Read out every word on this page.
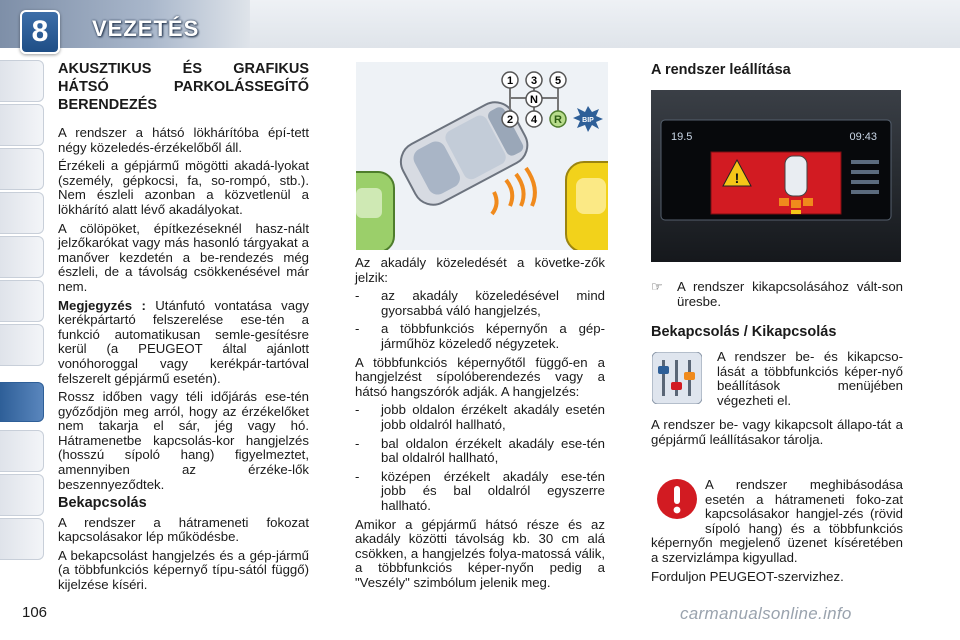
8	VEZETÉS
AKUSZTIKUS ÉS GRAFIKUS HÁTSÓ PARKOLÁSSEGÍTŐ BERENDEZÉS

A rendszer a hátsó lökhárítóba épí-tett négy közeledés-érzékelőből áll.

Érzékeli a gépjármű mögötti akadá-lyokat (személy, gépkocsi, fa, so-rompó, stb.). Nem észleli azonban a közvetlenül a lökhárító alatt lévő akadályokat.

A cölöpöket, építkezéseknél hasz-nált jelzőkarókat vagy más hasonló tárgyakat a manőver kezdetén a be-rendezés még észleli, de a távolság csökkenésével már nem.

Megjegyzés : Utánfutó vontatása vagy kerékpártartó felszerelése ese-tén a funkció automatikusan semle-gesítésre kerül (a PEUGEOT által ajánlott vonóhoroggal vagy kerékpár-tartóval felszerelt gépjármű esetén).

Rossz időben vagy téli időjárás ese-tén győződjön meg arról, hogy az érzékelőket nem takarja el sár, jég vagy hó. Hátramenetbe kapcsolás-kor hangjelzés (hosszú sípoló hang) figyelmeztet, amennyiben az érzéke-lők beszennyeződtek.

Bekapcsolás

A rendszer a hátrameneti fokozat kapcsolásakor lép működésbe.

A bekapcsolást hangjelzés és a gép-jármű (a többfunkciós képernyő típu-sától függő) kijelzése kíséri.

1 3 5
N
2 4 R	BIP

Az akadály közeledését a követke-zők jelzik:

-	az akadály közeledésével mind gyorsabbá váló hangjelzés,
-	a többfunkciós képernyőn a gép-járműhöz közeledő négyzetek.

A többfunkciós képernyőtől függő-en a hangjelzést sípolóberendezés vagy a hátsó hangszórók adják. A hangjelzés:

-	jobb oldalon érzékelt akadály esetén jobb oldalról hallható,
-	bal oldalon érzékelt akadály ese-tén bal oldalról hallható,
-	középen érzékelt akadály ese-tén jobb és bal oldalról egyszerre hallható.

Amikor a gépjármű hátsó része és az akadály közötti távolság kb. 30 cm alá csökken, a hangjelzés folya-matossá válik, a többfunkciós képer-nyőn pedig a "Veszély" szimbólum jelenik meg.

A rendszer leállítása
19.5	09:43
!
☞	A rendszer kikapcsolásához vált-son üresbe.
Bekapcsolás / Kikapcsolás
A rendszer be- és kikapcso-lását a többfunkciós képer-nyő beállítások menüjében végezheti el.
A rendszer be- vagy kikapcsolt állapo-tát a gépjármű leállításakor tárolja.

A rendszer meghibásodása esetén a hátrameneti foko-zat kapcsolásakor hangjel-zés (rövid sípoló hang) és a többfunkciós képernyőn megjelenő üzenet kíséretében a szervizlámpa kigyullad.

Forduljon PEUGEOT-szervizhez.

106	carmanualsonline.info
